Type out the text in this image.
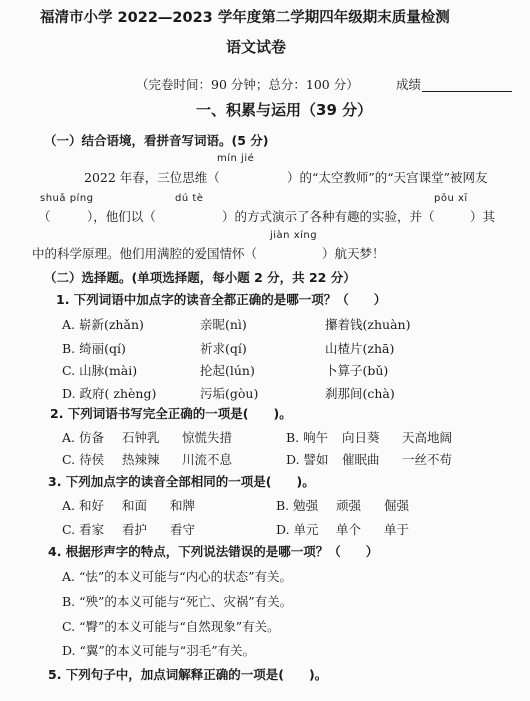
福清市小学 2022—2023 学年度第二学期四年级期末质量检测
语文试卷
（完卷时间：90 分钟；总分：100 分）	成绩
一、积累与运用（39 分）
（一）结合语境，看拼音写词语。(5 分)
mín jié
2022 年春，三位思维（	）的“太空教师”的“天宫课堂”被网友
shuǎ píng	dú tè	pōu xī
（	），他们以（	）的方式演示了各种有趣的实验，并（	）其
jiàn xíng
中的科学原理。他们用满腔的爱国情怀（	）航天梦！
（二）选择题。(单项选择题，每小题 2 分，共 22 分）
1. 下列词语中加点字的读音全都正确的是哪一项？（　　）
A. 崭新(zhǎn)	亲昵(nì)	攥着钱(zhuàn)
B. 绮丽(qí)	祈求(qí)	山楂片(zhā)
C. 山脉(mài)	抡起(lún)	卜算子(bǔ)
D. 政府( zhèng)	污垢(gòu)	刹那间(chà)
2. 下列词语书写完全正确的一项是(　　)。
A. 仿备 石钟乳 惊慌失措	B. 响午 向日葵 天高地阔
C. 待侯 热辣辣 川流不息	D. 譬如 催眠曲 一丝不苟
3. 下列加点字的读音全部相同的一项是(　　)。
A. 和好 和面 和牌	B. 勉强 顽强 倔强
C. 看家 看护 看守	D. 单元 单个 单于
4. 根据形声字的特点，下列说法错误的是哪一项？（　　）
A. “怯”的本义可能与“内心的状态”有关。
B. “殃”的本义可能与“死亡、灾祸”有关。
C. “臀”的本义可能与“自然现象”有关。
D. “翼”的本义可能与“羽毛”有关。
5. 下列句子中，加点词解释正确的一项是(　　)。
